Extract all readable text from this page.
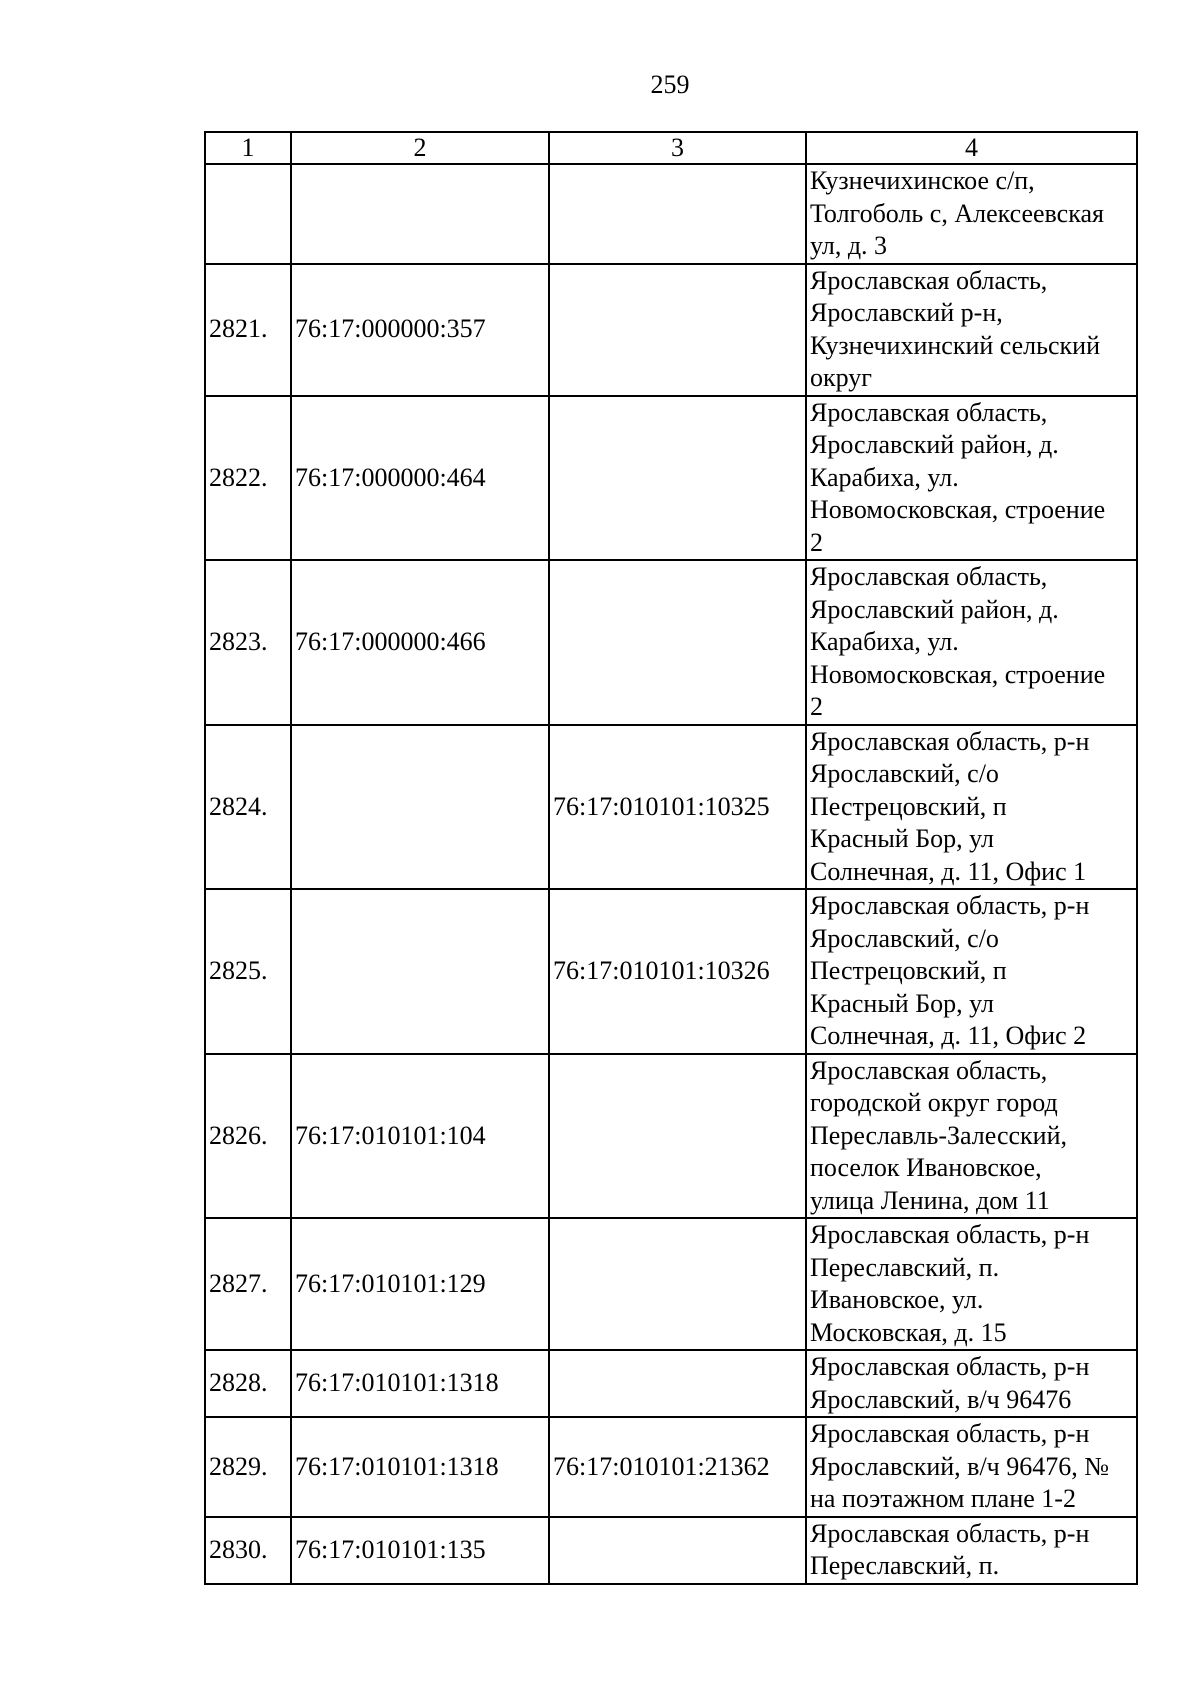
259
1	2	3	4
			Кузнечихинское с/п,
Толгоболь с, Алексеевская
ул, д. 3
2821.	76:17:000000:357		Ярославская область,
Ярославский р-н,
Кузнечихинский сельский
округ
2822.	76:17:000000:464		Ярославская область,
Ярославский район, д.
Карабиха, ул.
Новомосковская, строение
2
2823.	76:17:000000:466		Ярославская область,
Ярославский район, д.
Карабиха, ул.
Новомосковская, строение
2
2824.		76:17:010101:10325	Ярославская область, р-н
Ярославский, с/о
Пестрецовский, п
Красный Бор, ул
Солнечная, д. 11, Офис 1
2825.		76:17:010101:10326	Ярославская область, р-н
Ярославский, с/о
Пестрецовский, п
Красный Бор, ул
Солнечная, д. 11, Офис 2
2826.	76:17:010101:104		Ярославская область,
городской округ город
Переславль-Залесский,
поселок Ивановское,
улица Ленина, дом 11
2827.	76:17:010101:129		Ярославская область, р-н
Переславский, п.
Ивановское, ул.
Московская, д. 15
2828.	76:17:010101:1318		Ярославская область, р-н
Ярославский, в/ч 96476
2829.	76:17:010101:1318	76:17:010101:21362	Ярославская область, р-н
Ярославский, в/ч 96476, №
на поэтажном плане 1-2
2830.	76:17:010101:135		Ярославская область, р-н
Переславский, п.
